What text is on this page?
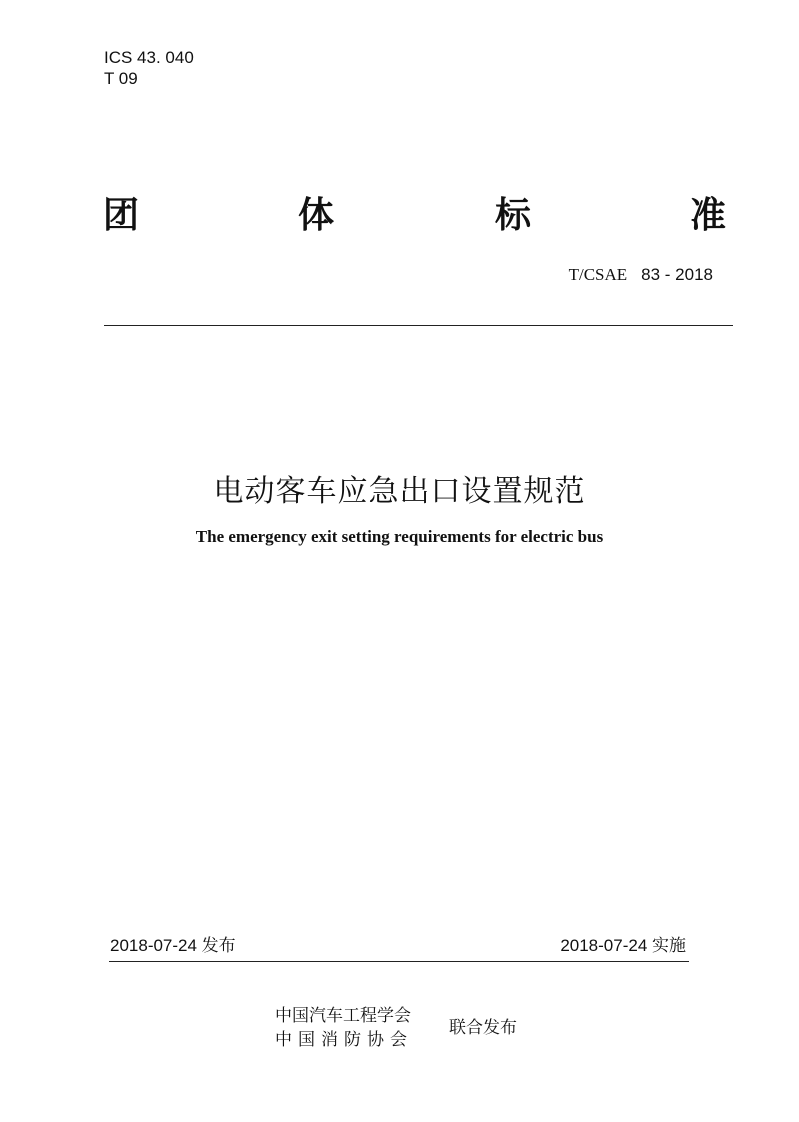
ICS 43. 040
T 09
团	体	标	准
T/CSAE 83 - 2018
电动客车应急出口设置规范
The emergency exit setting requirements for electric bus
2018-07-24 发布	2018-07-24 实施
中国汽车工程学会
中国消防协会
联合发布
